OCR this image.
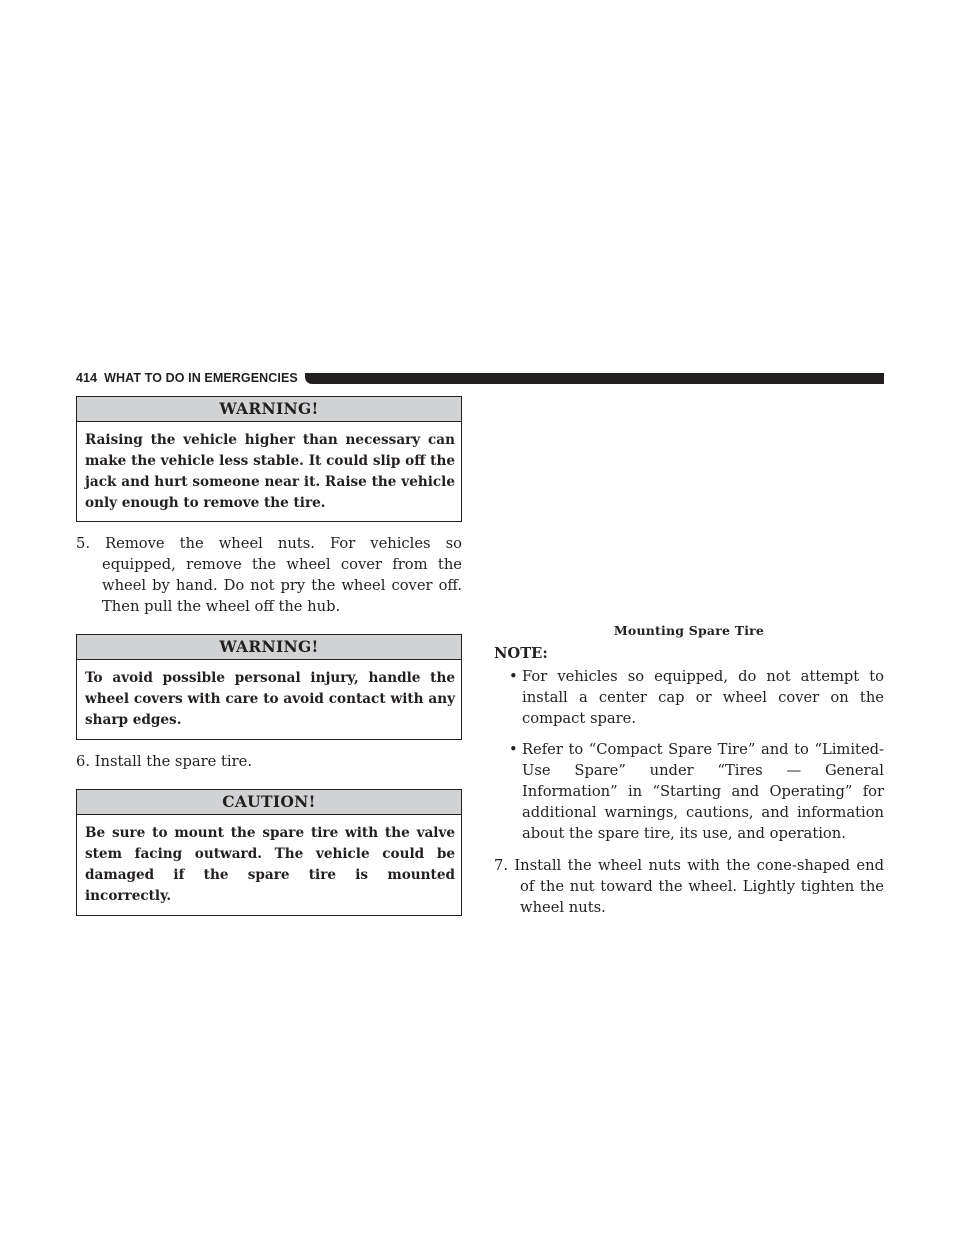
414 WHAT TO DO IN EMERGENCIES
WARNING!
Raising the vehicle higher than necessary can make the vehicle less stable. It could slip off the jack and hurt someone near it. Raise the vehicle only enough to remove the tire.

5. Remove the wheel nuts. For vehicles so equipped, remove the wheel cover from the wheel by hand. Do not pry the wheel cover off. Then pull the wheel off the hub.

WARNING!
To avoid possible personal injury, handle the wheel covers with care to avoid contact with any sharp edges.

6. Install the spare tire.

CAUTION!
Be sure to mount the spare tire with the valve stem facing outward. The vehicle could be damaged if the spare tire is mounted incorrectly.
Mounting Spare Tire
NOTE:
• For vehicles so equipped, do not attempt to install a center cap or wheel cover on the compact spare.
• Refer to “Compact Spare Tire” and to “Limited-Use Spare” under “Tires — General Information” in “Starting and Operating” for additional warnings, cautions, and information about the spare tire, its use, and operation.

7. Install the wheel nuts with the cone-shaped end of the nut toward the wheel. Lightly tighten the wheel nuts.
